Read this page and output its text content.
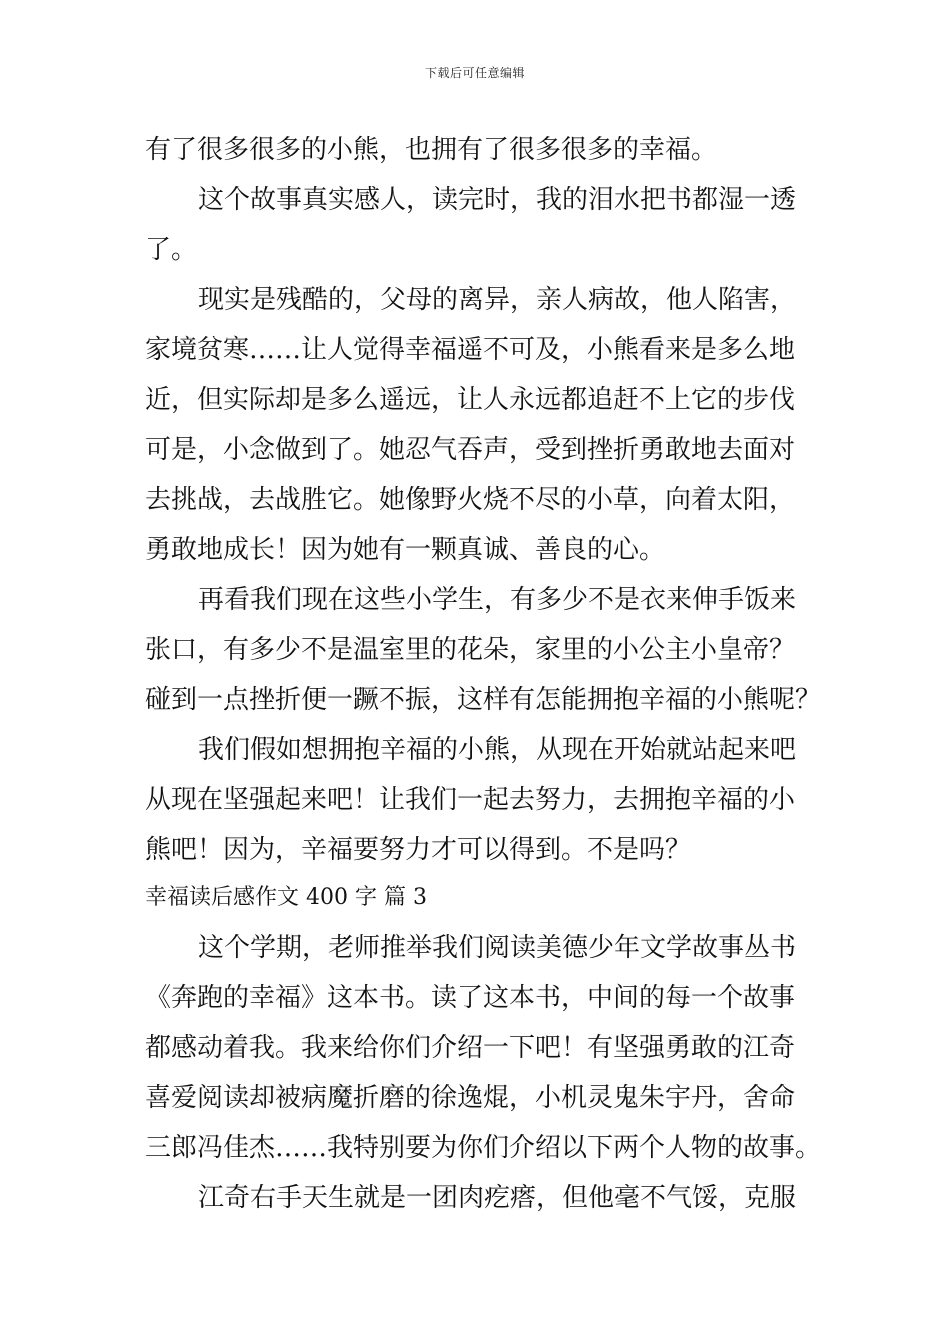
下载后可任意编辑
有了很多很多的小熊，也拥有了很多很多的幸福。
这个故事真实感人，读完时，我的泪水把书都湿一透
了。
现实是残酷的，父母的离异，亲人病故，他人陷害，
家境贫寒……让人觉得幸福遥不可及，小熊看来是多么地
近，但实际却是多么遥远，让人永远都追赶不上它的步伐
可是，小念做到了。她忍气吞声，受到挫折勇敢地去面对
去挑战，去战胜它。她像野火烧不尽的小草，向着太阳，
勇敢地成长！因为她有一颗真诚、善良的心。
再看我们现在这些小学生，有多少不是衣来伸手饭来
张口，有多少不是温室里的花朵，家里的小公主小皇帝？
碰到一点挫折便一蹶不振，这样有怎能拥抱辛福的小熊呢？
我们假如想拥抱辛福的小熊，从现在开始就站起来吧
从现在坚强起来吧！让我们一起去努力，去拥抱辛福的小
熊吧！因为，辛福要努力才可以得到。不是吗？
幸福读后感作文 400 字 篇 3
这个学期，老师推举我们阅读美德少年文学故事丛书
《奔跑的幸福》这本书。读了这本书，中间的每一个故事
都感动着我。我来给你们介绍一下吧！有坚强勇敢的江奇
喜爱阅读却被病魔折磨的徐逸焜，小机灵鬼朱宇丹，舍命
三郎冯佳杰……我特别要为你们介绍以下两个人物的故事。
江奇右手天生就是一团肉疙瘩，但他毫不气馁，克服
